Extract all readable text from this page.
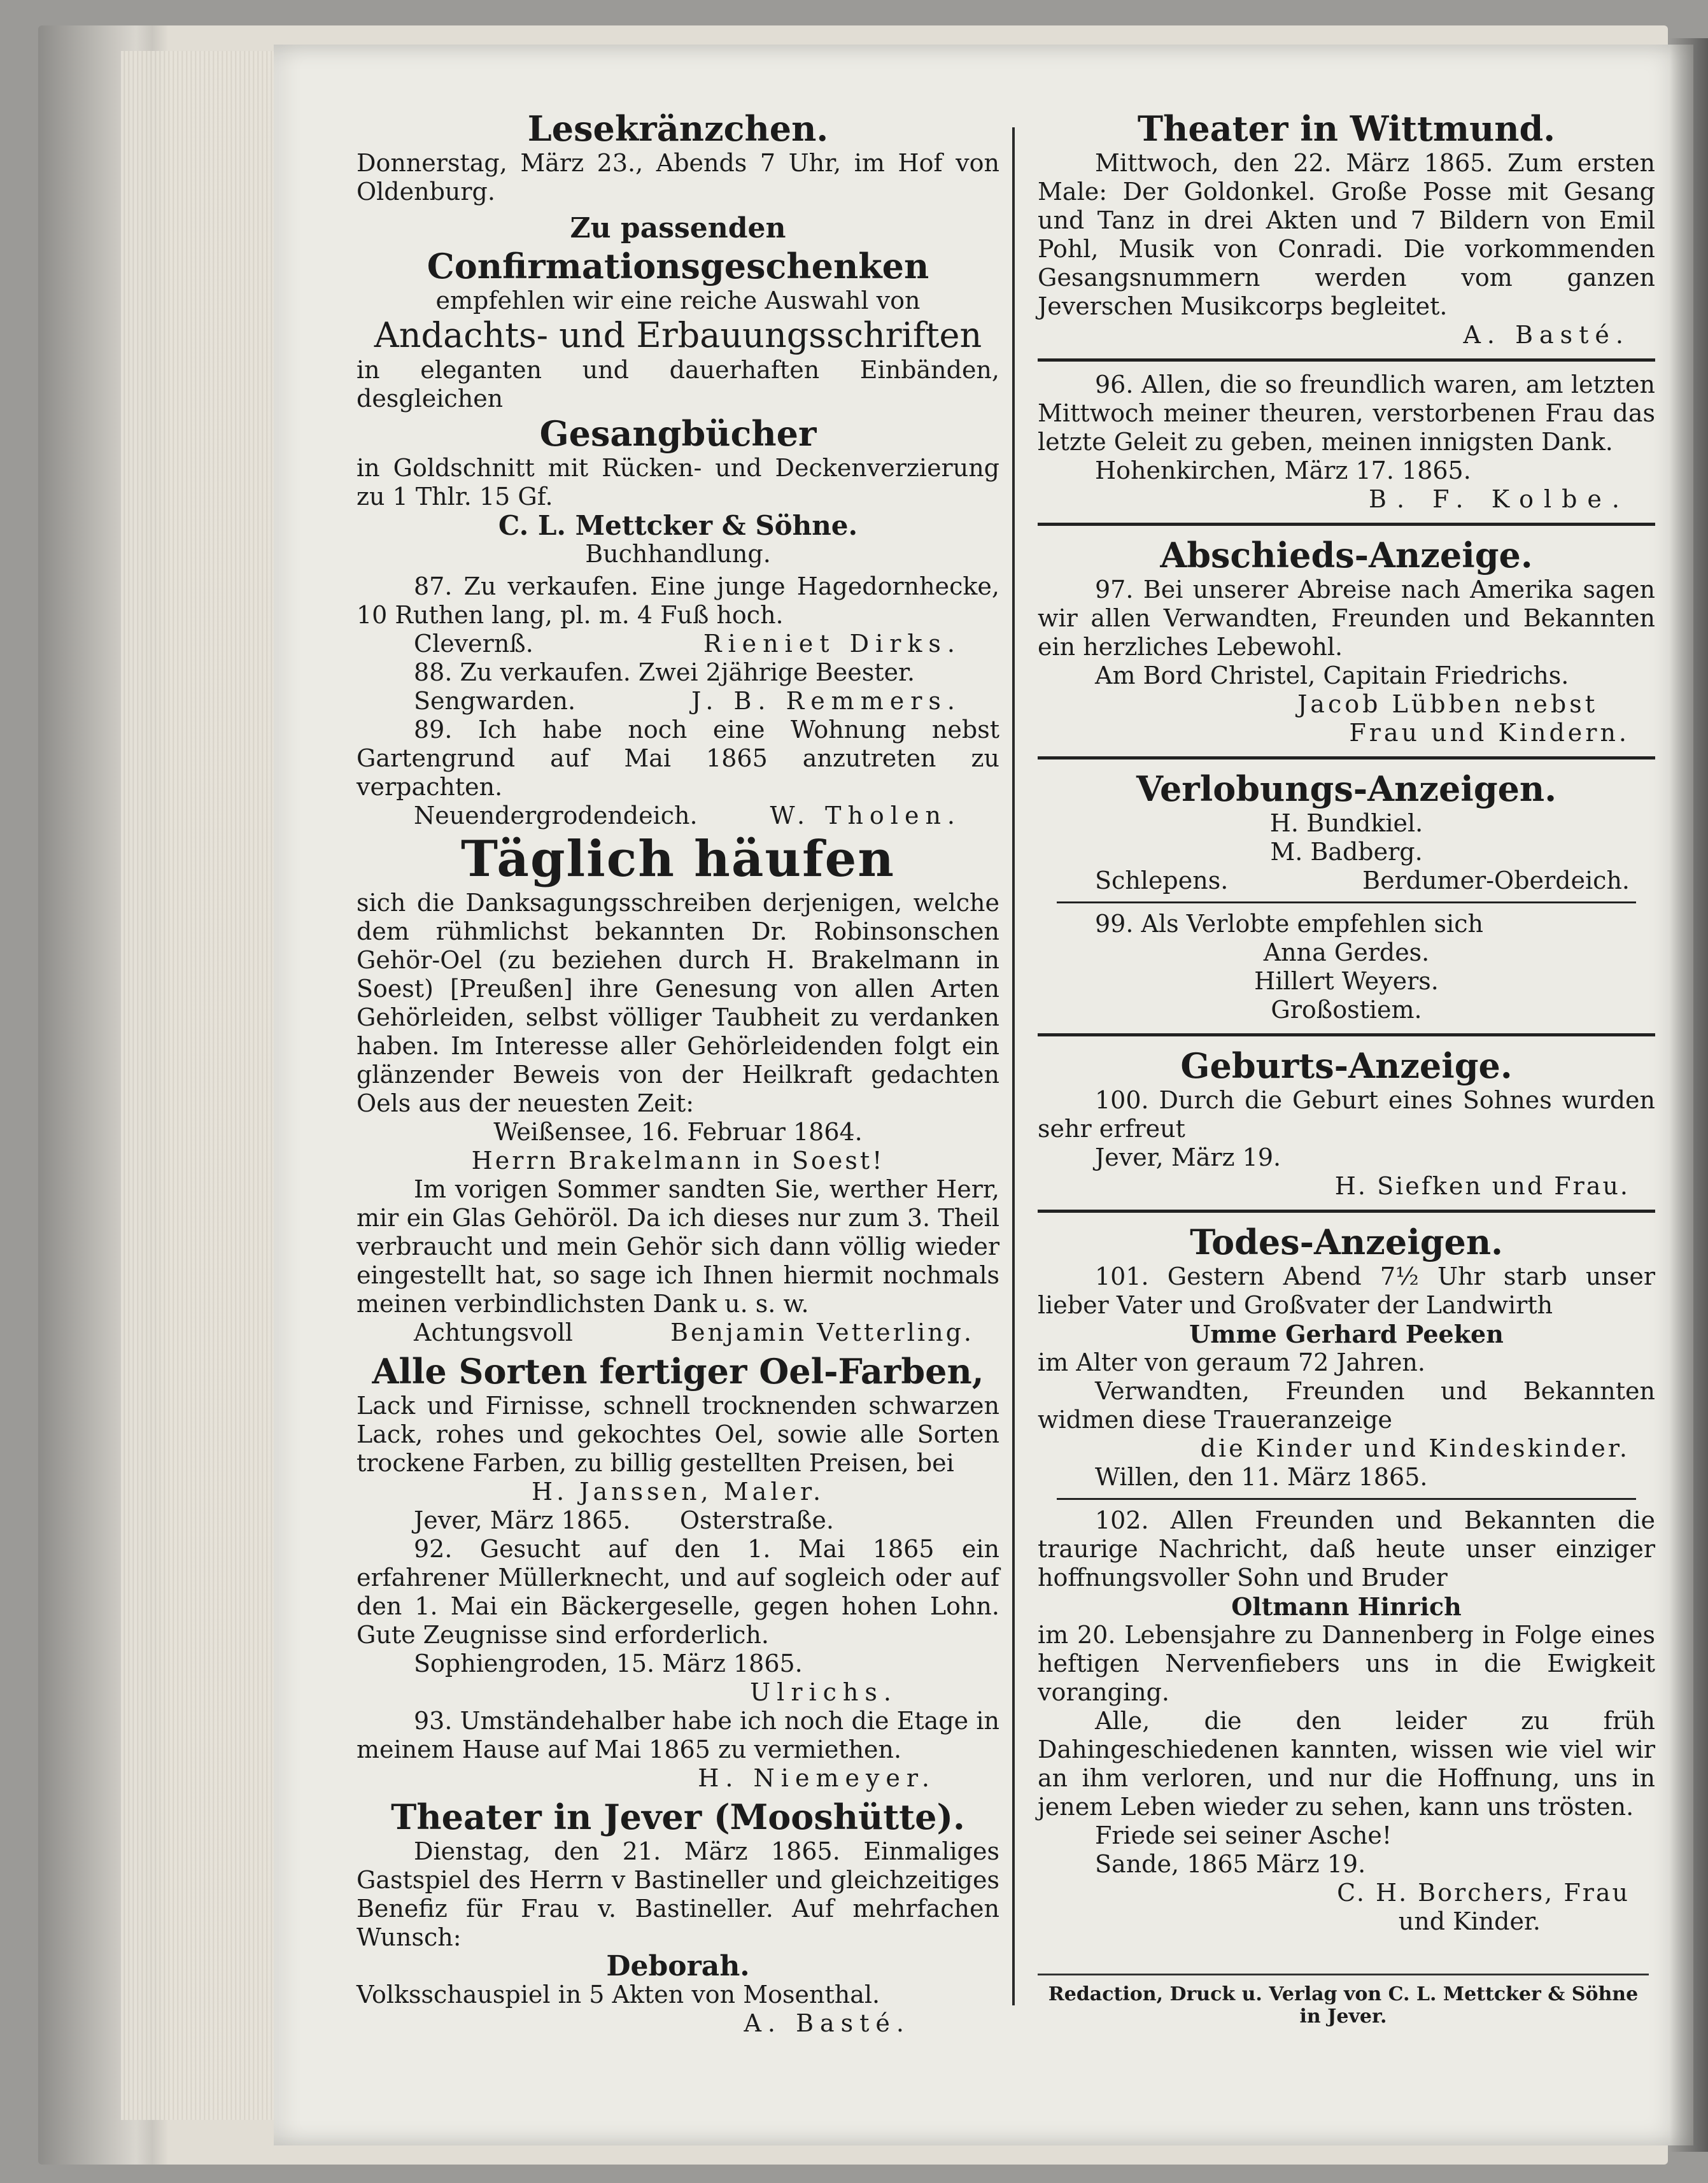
Lesekränzchen.

Donnerstag, März 23., Abends 7 Uhr, im Hof von Oldenburg.

Zu passenden

Confirmationsgeschenken

empfehlen wir eine reiche Auswahl von

Andachts- und Erbauungsschriften

in eleganten und dauerhaften Einbänden, desgleichen

Gesangbücher

in Goldschnitt mit Rücken- und Deckenverzierung zu 1 Thlr. 15 Gf.

C. L. Mettcker & Söhne.

Buchhandlung.

87. Zu verkaufen. Eine junge Hagedornhecke, 10 Ruthen lang, pl. m. 4 Fuß hoch.

Clevernß.	Rieniet Dirks.

88. Zu verkaufen. Zwei 2jährige Beester.

Sengwarden.	J. B. Remmers.

89. Ich habe noch eine Wohnung nebst Gartengrund auf Mai 1865 anzutreten zu verpachten.

Neuendergrodendeich.	W. Tholen.
Täglich häufen

sich die Danksagungsschreiben derjenigen, welche dem rühmlichst bekannten Dr. Robinsonschen Gehör-Oel (zu beziehen durch H. Brakelmann in Soest) [Preußen] ihre Genesung von allen Arten Gehörleiden, selbst völliger Taubheit zu verdanken haben. Im Interesse aller Gehörleidenden folgt ein glänzender Beweis von der Heilkraft gedachten Oels aus der neuesten Zeit:

Weißensee, 16. Februar 1864.

Herrn Brakelmann in Soest!

Im vorigen Sommer sandten Sie, werther Herr, mir ein Glas Gehöröl. Da ich dieses nur zum 3. Theil verbraucht und mein Gehör sich dann völlig wieder eingestellt hat, so sage ich Ihnen hiermit nochmals meinen verbindlichsten Dank u. s. w.

Achtungsvoll	Benjamin Vetterling.
Alle Sorten fertiger Oel-Farben,

Lack und Firnisse, schnell trocknenden schwarzen Lack, rohes und gekochtes Oel, sowie alle Sorten trockene Farben, zu billig gestellten Preisen, bei

H. Janssen, Maler.

Jever, März 1865. Osterstraße.

92. Gesucht auf den 1. Mai 1865 ein erfahrener Müllerknecht, und auf sogleich oder auf den 1. Mai ein Bäckergeselle, gegen hohen Lohn. Gute Zeugnisse sind erforderlich.

Sophiengroden, 15. März 1865.

Ulrichs.

93. Umständehalber habe ich noch die Etage in meinem Hause auf Mai 1865 zu vermiethen.

H. Niemeyer.

Theater in Jever (Mooshütte).

Dienstag, den 21. März 1865. Einmaliges Gastspiel des Herrn v Bastineller und gleichzeitiges Benefiz für Frau v. Bastineller. Auf mehrfachen Wunsch:

Deborah.

Volksschauspiel in 5 Akten von Mosenthal.

A. Basté.

Theater in Wittmund.

Mittwoch, den 22. März 1865. Zum ersten Male: Der Goldonkel. Große Posse mit Gesang und Tanz in drei Akten und 7 Bildern von Emil Pohl, Musik von Conradi. Die vorkommenden Gesangsnummern werden vom ganzen Jeverschen Musikcorps begleitet.

A. Basté.

96. Allen, die so freundlich waren, am letzten Mittwoch meiner theuren, verstorbenen Frau das letzte Geleit zu geben, meinen innigsten Dank.

Hohenkirchen, März 17. 1865.

B. F. Kolbe.

Abschieds-Anzeige.

97. Bei unserer Abreise nach Amerika sagen wir allen Verwandten, Freunden und Bekannten ein herzliches Lebewohl.

Am Bord Christel, Capitain Friedrichs.

Jacob Lübben nebst

Frau und Kindern.

Verlobungs-Anzeigen.

H. Bundkiel.

M. Badberg.

Schlepens.	Berdumer-Oberdeich.

99. Als Verlobte empfehlen sich

Anna Gerdes.

Hillert Weyers.

Großostiem.

Geburts-Anzeige.

100. Durch die Geburt eines Sohnes wurden sehr erfreut

Jever, März 19.

H. Siefken und Frau.

Todes-Anzeigen.

101. Gestern Abend 7½ Uhr starb unser lieber Vater und Großvater der Landwirth

Umme Gerhard Peeken

im Alter von gerаum 72 Jahren.

Verwandten, Freunden und Bekannten widmen diese Traueranzeige

die Kinder und Kindeskinder.

Willen, den 11. März 1865.

102. Allen Freunden und Bekannten die traurige Nachricht, daß heute unser einziger hoffnungsvoller Sohn und Bruder

Oltmann Hinrich

im 20. Lebensjahre zu Dannenberg in Folge eines heftigen Nervenfiebers uns in die Ewigkeit voranging.

Alle, die den leider zu früh Dahingeschiedenen kannten, wissen wie viel wir an ihm verloren, und nur die Hoffnung, uns in jenem Leben wieder zu sehen, kann uns trösten.

Friede sei seiner Asche!

Sande, 1865 März 19.

C. H. Borchers, Frau

und Kinder.

Redaction, Druck u. Verlag von C. L. Mettcker & Söhne in Jever.
